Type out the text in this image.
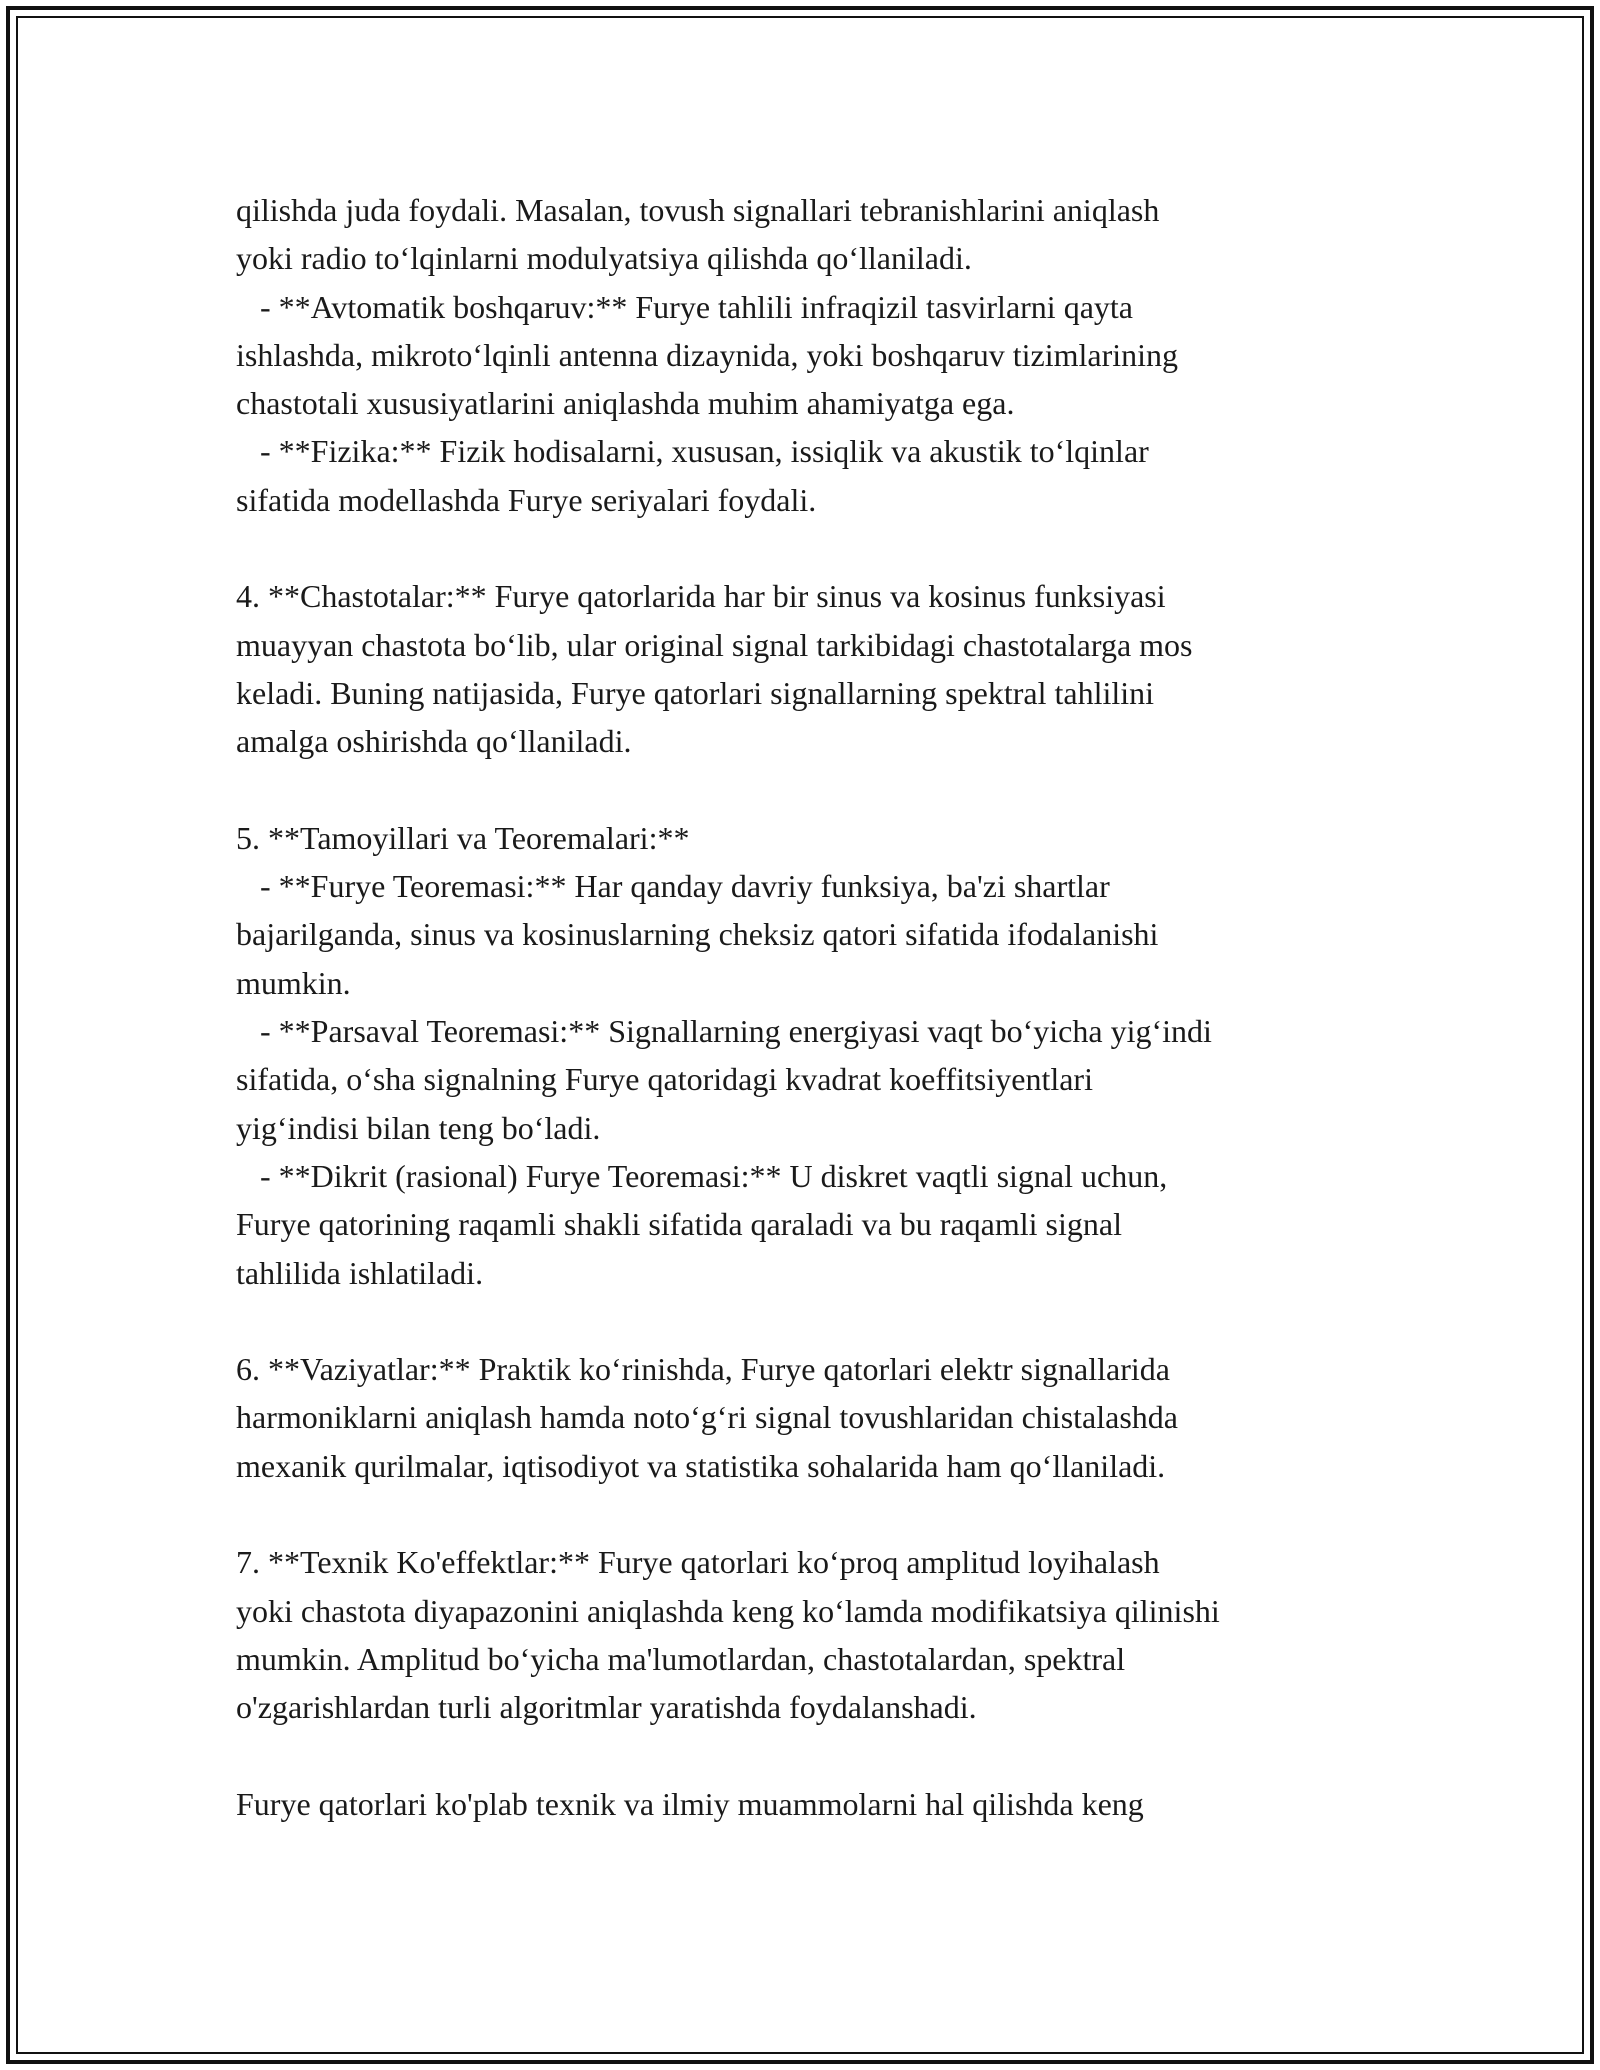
qilishda juda foydali. Masalan, tovush signallari tebranishlarini aniqlash
yoki radio to‘lqinlarni modulyatsiya qilishda qo‘llaniladi.
- **Avtomatik boshqaruv:** Furye tahlili infraqizil tasvirlarni qayta
ishlashda, mikroto‘lqinli antenna dizaynida, yoki boshqaruv tizimlarining
chastotali xususiyatlarini aniqlashda muhim ahamiyatga ega.
- **Fizika:** Fizik hodisalarni, xususan, issiqlik va akustik to‘lqinlar
sifatida modellashda Furye seriyalari foydali.
4. **Chastotalar:** Furye qatorlarida har bir sinus va kosinus funksiyasi
muayyan chastota bo‘lib, ular original signal tarkibidagi chastotalarga mos
keladi. Buning natijasida, Furye qatorlari signallarning spektral tahlilini
amalga oshirishda qo‘llaniladi.
5. **Tamoyillari va Teoremalari:**
- **Furye Teoremasi:** Har qanday davriy funksiya, ba'zi shartlar
bajarilganda, sinus va kosinuslarning cheksiz qatori sifatida ifodalanishi
mumkin.
- **Parsaval Teoremasi:** Signallarning energiyasi vaqt bo‘yicha yig‘indi
sifatida, o‘sha signalning Furye qatoridagi kvadrat koeffitsiyentlari
yig‘indisi bilan teng bo‘ladi.
- **Dikrit (rasional) Furye Teoremasi:** U diskret vaqtli signal uchun,
Furye qatorining raqamli shakli sifatida qaraladi va bu raqamli signal
tahlilida ishlatiladi.
6. **Vaziyatlar:** Praktik ko‘rinishda, Furye qatorlari elektr signallarida
harmoniklarni aniqlash hamda noto‘g‘ri signal tovushlaridan chistalashda
mexanik qurilmalar, iqtisodiyot va statistika sohalarida ham qo‘llaniladi.
7. **Texnik Ko'effektlar:** Furye qatorlari ko‘proq amplitud loyihalash
yoki chastota diyapazonini aniqlashda keng ko‘lamda modifikatsiya qilinishi
mumkin. Amplitud bo‘yicha ma'lumotlardan, chastotalardan, spektral
o'zgarishlardan turli algoritmlar yaratishda foydalanshadi.
Furye qatorlari ko'plab texnik va ilmiy muammolarni hal qilishda keng
